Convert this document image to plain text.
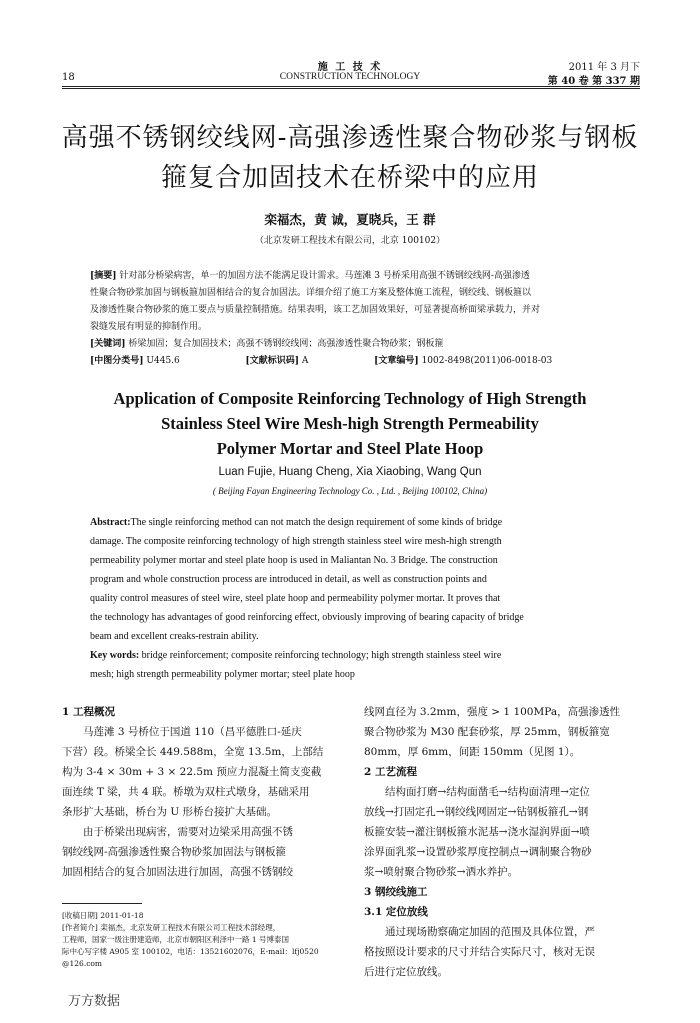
18
施 工 技 术
CONSTRUCTION TECHNOLOGY
2011 年 3 月下
第 40 卷 第 337 期
高强不锈钢绞线网-高强渗透性聚合物砂浆与钢板
箍复合加固技术在桥梁中的应用
栾福杰，黄 诚，夏晓兵，王 群
（北京发研工程技术有限公司，北京 100102）
[摘要] 针对部分桥梁病害，单一的加固方法不能满足设计需求。马莲滩 3 号桥采用高强不锈钢绞线网-高强渗透
性聚合物砂浆加固与钢板箍加固相结合的复合加固法。详细介绍了施工方案及整体施工流程，钢绞线、钢板箍以
及渗透性聚合物砂浆的施工要点与质量控制措施。结果表明，该工艺加固效果好，可显著提高桥面梁承载力，并对
裂缝发展有明显的抑制作用。
[关键词] 桥梁加固；复合加固技术；高强不锈钢绞线网；高强渗透性聚合物砂浆；钢板箍
[中图分类号] U445.6	[文献标识码] A	[文章编号] 1002-8498(2011)06-0018-03
Application of Composite Reinforcing Technology of High Strength
Stainless Steel Wire Mesh-high Strength Permeability
Polymer Mortar and Steel Plate Hoop
Luan Fujie, Huang Cheng, Xia Xiaobing, Wang Qun
( Beijing Fayan Engineering Technology Co. , Ltd. , Beijing 100102, China)
Abstract:The single reinforcing method can not match the design requirement of some kinds of bridge
damage. The composite reinforcing technology of high strength stainless steel wire mesh-high strength
permeability polymer mortar and steel plate hoop is used in Maliantan No. 3 Bridge. The construction
program and whole construction process are introduced in detail, as well as construction points and
quality control measures of steel wire, steel plate hoop and permeability polymer mortar. It proves that
the technology has advantages of good reinforcing effect, obviously improving of bearing capacity of bridge
beam and excellent creaks-restrain ability.
Key words: bridge reinforcement; composite reinforcing technology; high strength stainless steel wire
mesh; high strength permeability polymer mortar; steel plate hoop
1 工程概况
马莲滩 3 号桥位于国道 110（昌平德胜口-延庆
下营）段。桥梁全长 449.588m，全宽 13.5m，上部结
构为 3-4 × 30m + 3 × 22.5m 预应力混凝土简支变截
面连续 T 梁，共 4 联。桥墩为双柱式墩身，基础采用
条形扩大基础，桥台为 U 形桥台接扩大基础。
由于桥梁出现病害，需要对边梁采用高强不锈
钢绞线网-高强渗透性聚合物砂浆加固法与钢板箍
加固相结合的复合加固法进行加固，高强不锈钢绞
[收稿日期] 2011-01-18
[作者简介] 栾福杰，北京发研工程技术有限公司工程技术部经理，
工程师，国家一级注册建造师，北京市朝阳区利泽中一路 1 号博泰国
际中心写字楼 A905 室 100102，电话：13521602076，E-mail：lfj0520
@126.com
线网直径为 3.2mm，强度 > 1 100MPa，高强渗透性
聚合物砂浆为 M30 配套砂浆，厚 25mm，钢板箍宽
80mm，厚 6mm，间距 150mm（见图 1）。
2 工艺流程
结构面打磨→结构面凿毛→结构面清理→定位
放线→打固定孔→钢绞线网固定→钻钢板箍孔→钢
板箍安装→灌注钢板箍水泥基→浇水湿润界面→喷
涂界面乳浆→设置砂浆厚度控制点→调制聚合物砂
浆→喷射聚合物砂浆→洒水养护。
3 钢绞线施工
3.1 定位放线
通过现场勘察确定加固的范围及具体位置，严
格按照设计要求的尺寸并结合实际尺寸，核对无误
后进行定位放线。
万方数据
